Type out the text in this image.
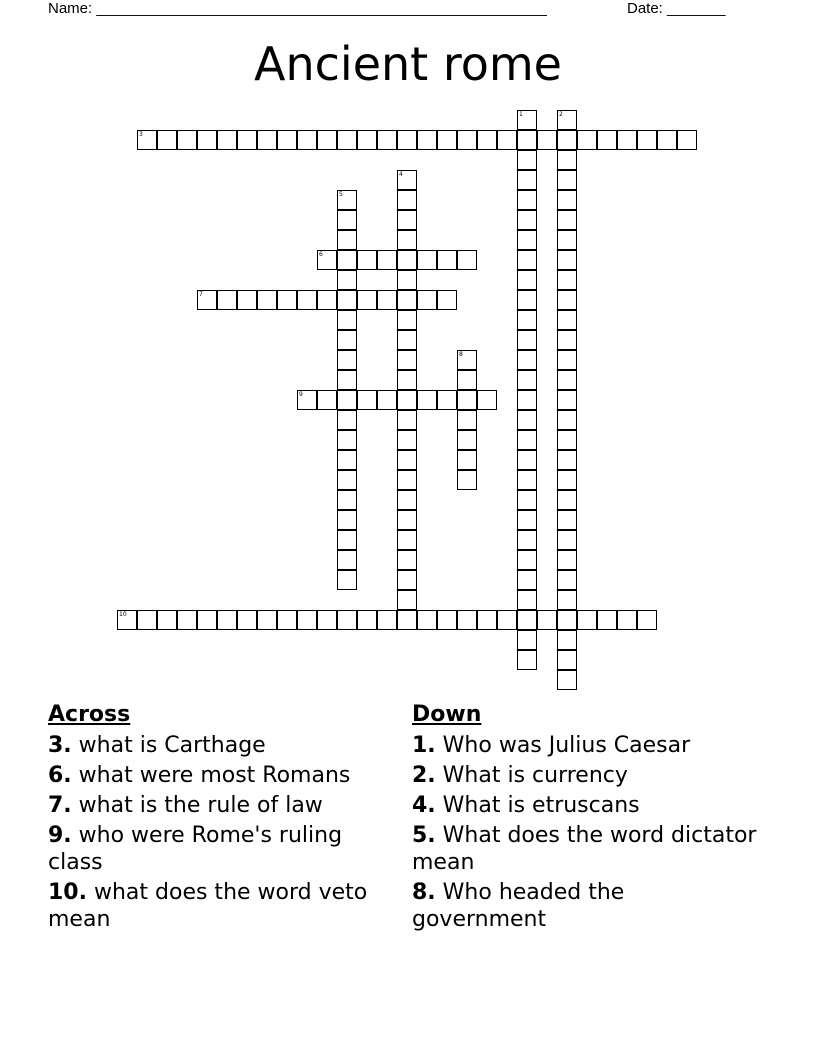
Name: ______________________________________________________	Date: _______
Ancient rome
1	2
3
4
5
6
7
8
9
10
Across
3. what is Carthage
6. what were most Romans
7. what is the rule of law
9. who were Rome's ruling class
10. what does the word veto mean
Down
1. Who was Julius Caesar
2. What is currency
4. What is etruscans
5. What does the word dictator mean
8. Who headed the government
